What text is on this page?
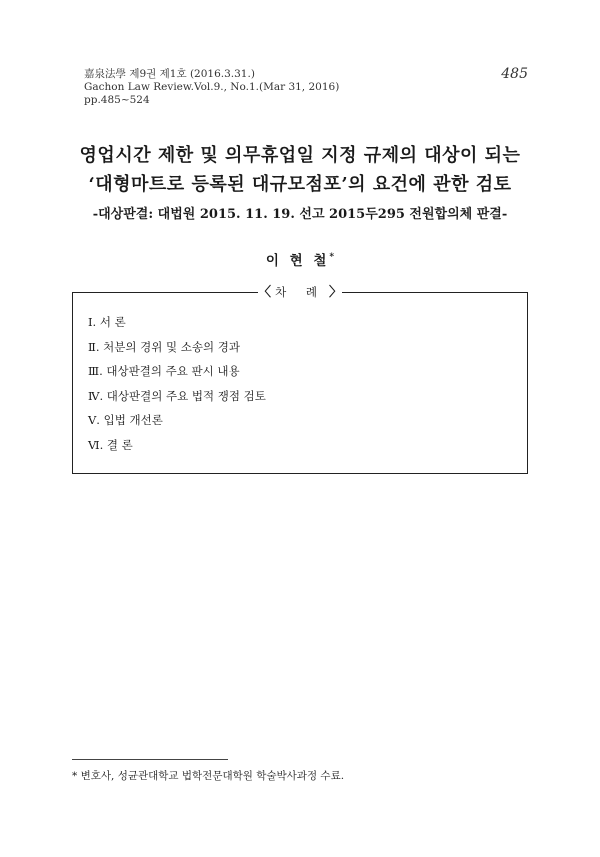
嘉泉法學 제9권 제1호 (2016.3.31.)
Gachon Law Review.Vol.9., No.1.(Mar 31, 2016)
pp.485~524
485
영업시간 제한 및 의무휴업일 지정 규제의 대상이 되는
‘대형마트로 등록된 대규모점포’의 요건에 관한 검토
-대상판결: 대법원 2015. 11. 19. 선고 2015두295 전원합의체 판결-
이 현 철*
〈 차 례 〉
Ⅰ. 서 론
Ⅱ. 처분의 경위 및 소송의 경과
Ⅲ. 대상판결의 주요 판시 내용
Ⅳ. 대상판결의 주요 법적 쟁점 검토
Ⅴ. 입법 개선론
Ⅵ. 결 론
* 변호사, 성균관대학교 법학전문대학원 학술박사과정 수료.
